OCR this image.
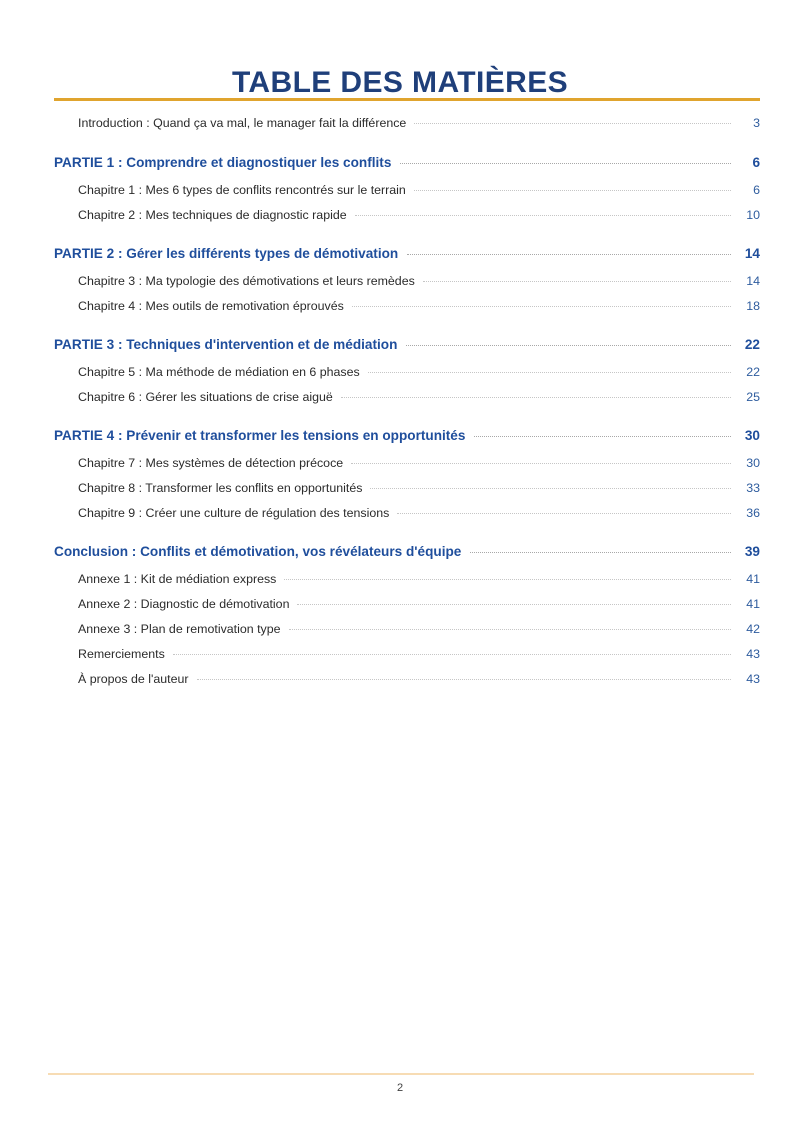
TABLE DES MATIÈRES
Introduction : Quand ça va mal, le manager fait la différence	3
PARTIE 1 : Comprendre et diagnostiquer les conflits	6
Chapitre 1 : Mes 6 types de conflits rencontrés sur le terrain	6
Chapitre 2 : Mes techniques de diagnostic rapide	10
PARTIE 2 : Gérer les différents types de démotivation	14
Chapitre 3 : Ma typologie des démotivations et leurs remèdes	14
Chapitre 4 : Mes outils de remotivation éprouvés	18
PARTIE 3 : Techniques d'intervention et de médiation	22
Chapitre 5 : Ma méthode de médiation en 6 phases	22
Chapitre 6 : Gérer les situations de crise aiguë	25
PARTIE 4 : Prévenir et transformer les tensions en opportunités	30
Chapitre 7 : Mes systèmes de détection précoce	30
Chapitre 8 : Transformer les conflits en opportunités	33
Chapitre 9 : Créer une culture de régulation des tensions	36
Conclusion : Conflits et démotivation, vos révélateurs d'équipe	39
Annexe 1 : Kit de médiation express	41
Annexe 2 : Diagnostic de démotivation	41
Annexe 3 : Plan de remotivation type	42
Remerciements	43
À propos de l'auteur	43
2
